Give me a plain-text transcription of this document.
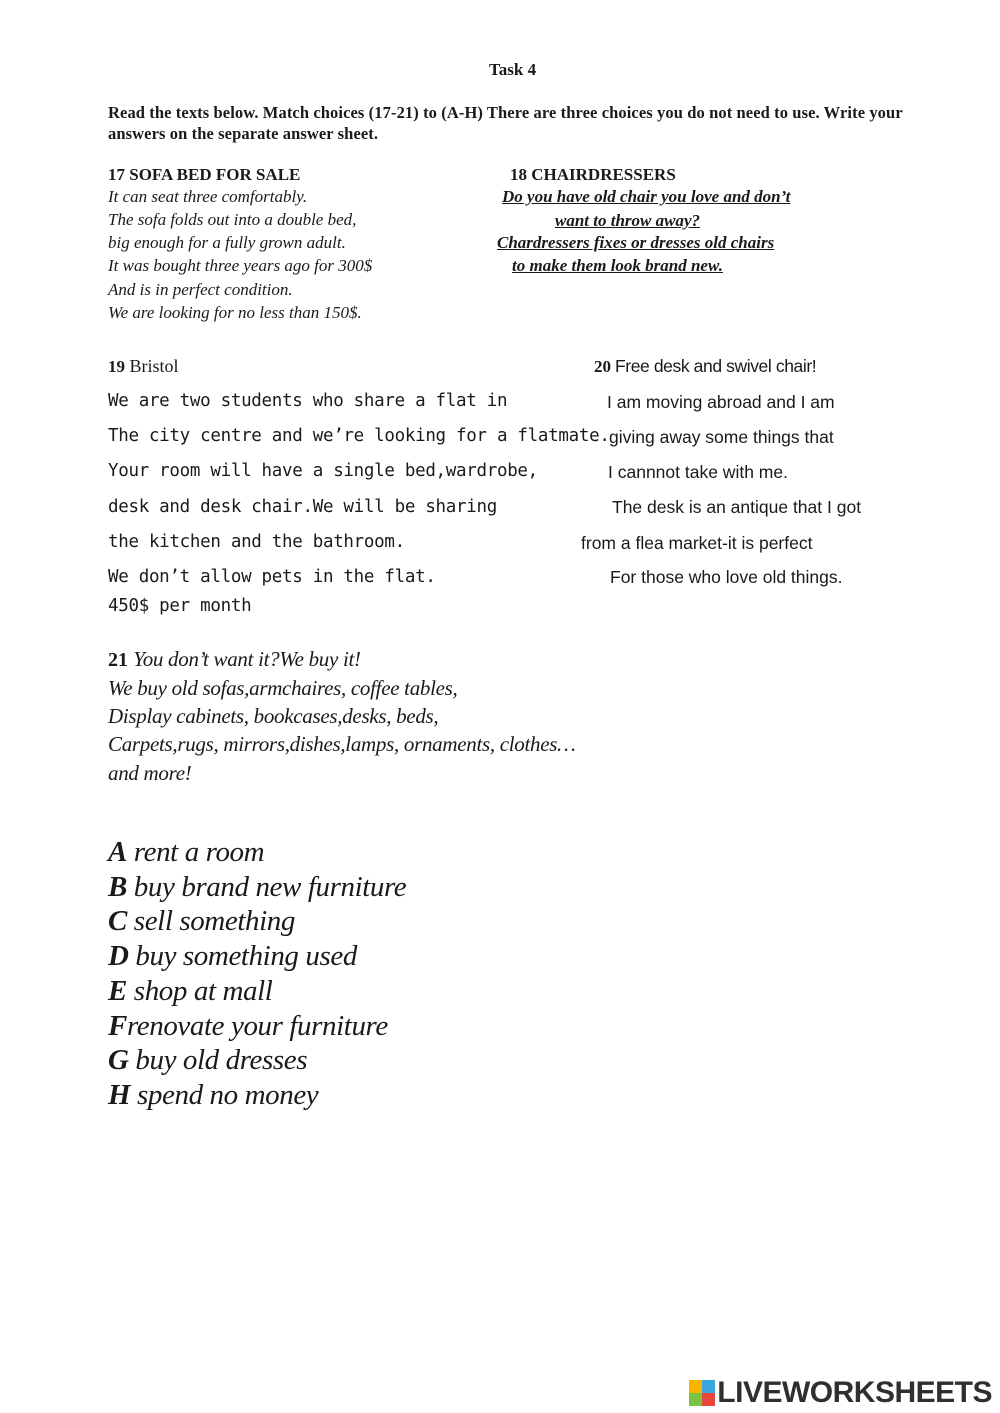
Task 4
Read the texts below. Match choices (17-21) to (A-H) There are three choices you do not need to use. Write your answers on the separate answer sheet.
17 SOFA BED FOR SALE
It can seat three comfortably.
The sofa folds out into a double bed,
big enough for a fully grown adult.
It was bought three years ago for 300$
And is in perfect condition.
We are looking for no less than 150$.
18 CHAIRDRESSERS
Do you have old chair you love and don’t
want to throw away?
Chardressers fixes or dresses old chairs
to make them look brand new.
19 Bristol
We are two students who share a flat in
The city centre and we’re looking for a flatmate.
Your room will have a single bed,wardrobe,
desk and desk chair.We will be sharing
the kitchen and the bathroom.
We don’t allow pets in the flat.
450$ per month
20 Free desk and swivel chair!
I am moving abroad and I am
giving away some things that
I cannnot take with me.
The desk is an antique that I got
from a flea market-it is perfect
For those who love old things.
21 You don’t want it?We buy it!
We buy old sofas,armchaires, coffee tables,
Display cabinets, bookcases,desks, beds,
Carpets,rugs, mirrors,dishes,lamps, ornaments, clothes…
and more!
A rent a room
B buy brand new furniture
C sell something
D buy something used
E shop at mall
Frenovate your furniture
G buy old dresses
H spend no money
LIVEWORKSHEETS
